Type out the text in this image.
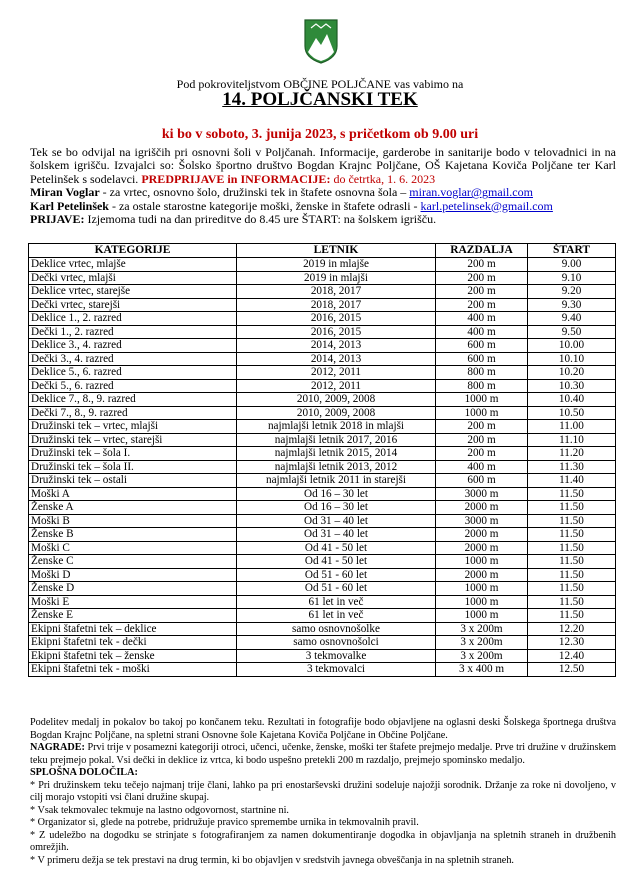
Pod pokroviteljstvom OBČINE POLJČANE vas vabimo na
14. POLJČANSKI TEK
ki bo v soboto, 3. junija 2023, s pričetkom ob 9.00 uri
Tek se bo odvijal na igriščih pri osnovni šoli v Poljčanah. Informacije, garderobe in sanitarije bodo v telovadnici in na šolskem igrišču. Izvajalci so: Šolsko športno društvo Bogdan Krajnc Poljčane, OŠ Kajetana Koviča Poljčane ter Karl Petelinšek s sodelavci. PREDPRIJAVE in INFORMACIJE: do četrtka, 1. 6. 2023
Miran Voglar - za vrtec, osnovno šolo, družinski tek in štafete osnovna šola – miran.voglar@gmail.com
Karl Petelinšek - za ostale starostne kategorije moški, ženske in štafete odrasli - karl.petelinsek@gmail.com
PRIJAVE: Izjemoma tudi na dan prireditve do 8.45 ure ŠTART: na šolskem igrišču.
KATEGORIJE	LETNIK	RAZDALJA	ŠTART
Deklice vrtec, mlajše	2019 in mlajše	200 m	9.00
Dečki vrtec, mlajši	2019 in mlajši	200 m	9.10
Deklice vrtec, starejše	2018, 2017	200 m	9.20
Dečki vrtec, starejši	2018, 2017	200 m	9.30
Deklice 1., 2. razred	2016, 2015	400 m	9.40
Dečki 1., 2. razred	2016, 2015	400 m	9.50
Deklice 3., 4. razred	2014, 2013	600 m	10.00
Dečki 3., 4. razred	2014, 2013	600 m	10.10
Deklice 5., 6. razred	2012, 2011	800 m	10.20
Dečki 5., 6. razred	2012, 2011	800 m	10.30
Deklice 7., 8., 9. razred	2010, 2009, 2008	1000 m	10.40
Dečki 7., 8., 9. razred	2010, 2009, 2008	1000 m	10.50
Družinski tek – vrtec, mlajši	najmlajši letnik 2018 in mlajši	200 m	11.00
Družinski tek – vrtec, starejši	najmlajši letnik 2017, 2016	200 m	11.10
Družinski tek – šola I.	najmlajši letnik 2015, 2014	200 m	11.20
Družinski tek – šola II.	najmlajši letnik 2013, 2012	400 m	11.30
Družinski tek – ostali	najmlajši letnik 2011 in starejši	600 m	11.40
Moški A	Od 16 – 30 let	3000 m	11.50
Ženske A	Od 16 – 30 let	2000 m	11.50
Moški B	Od 31 – 40 let	3000 m	11.50
Ženske B	Od 31 – 40 let	2000 m	11.50
Moški C	Od 41 - 50 let	2000 m	11.50
Ženske C	Od 41 - 50 let	1000 m	11.50
Moški D	Od 51 - 60 let	2000 m	11.50
Ženske D	Od 51 - 60 let	1000 m	11.50
Moški E	61 let in več	1000 m	11.50
Ženske E	61 let in več	1000 m	11.50
Ekipni štafetni tek – deklice	samo osnovnošolke	3 x 200m	12.20
Ekipni štafetni tek - dečki	samo osnovnošolci	3 x 200m	12.30
Ekipni štafetni tek – ženske	3 tekmovalke	3 x 200m	12.40
Ekipni štafetni tek - moški	3 tekmovalci	3 x 400 m	12.50

Podelitev medalj in pokalov bo takoj po končanem teku. Rezultati in fotografije bodo objavljene na oglasni deski Šolskega športnega društva Bogdan Krajnc Poljčane, na spletni strani Osnovne šole Kajetana Koviča Poljčane in Občine Poljčane.

NAGRADE: Prvi trije v posamezni kategoriji otroci, učenci, učenke, ženske, moški ter štafete prejmejo medalje. Prve tri družine v družinskem teku prejmejo pokal. Vsi dečki in deklice iz vrtca, ki bodo uspešno pretekli 200 m razdaljo, prejmejo spominsko medaljo.

SPLOŠNA DOLOČILA:

* Pri družinskem teku tečejo najmanj trije člani, lahko pa pri enostarševski družini sodeluje najožji sorodnik. Držanje za roke ni dovoljeno, v cilj morajo vstopiti vsi člani družine skupaj.

* Vsak tekmovalec tekmuje na lastno odgovornost, startnine ni.

* Organizator si, glede na potrebe, pridružuje pravico spremembe urnika in tekmovalnih pravil.

* Z udeležbo na dogodku se strinjate s fotografiranjem za namen dokumentiranje dogodka in objavljanja na spletnih straneh in družbenih omrežjih.

* V primeru dežja se tek prestavi na drug termin, ki bo objavljen v sredstvih javnega obveščanja in na spletnih straneh.
